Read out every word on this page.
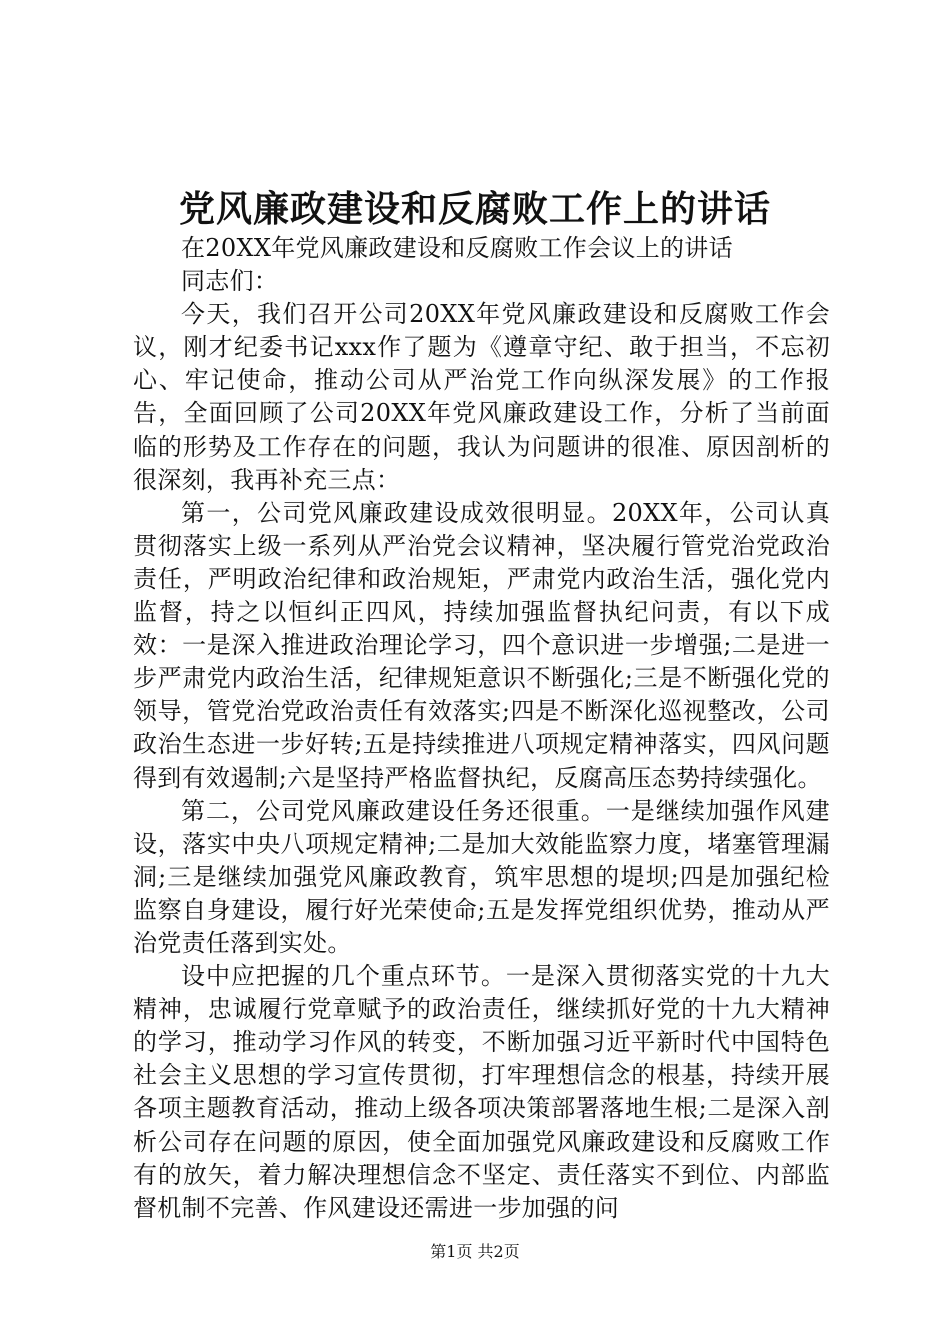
党风廉政建设和反腐败工作上的讲话

在20XX年党风廉政建设和反腐败工作会议上的讲话

同志们：

今天，我们召开公司20XX年党风廉政建设和反腐败工作会议，刚才纪委书记xxx作了题为《遵章守纪、敢于担当，不忘初心、牢记使命，推动公司从严治党工作向纵深发展》的工作报告，全面回顾了公司20XX年党风廉政建设工作，分析了当前面临的形势及工作存在的问题，我认为问题讲的很准、原因剖析的很深刻，我再补充三点：

第一，公司党风廉政建设成效很明显。20XX年，公司认真贯彻落实上级一系列从严治党会议精神，坚决履行管党治党政治责任，严明政治纪律和政治规矩，严肃党内政治生活，强化党内监督，持之以恒纠正四风，持续加强监督执纪问责，有以下成效：一是深入推进政治理论学习，四个意识进一步增强;二是进一步严肃党内政治生活，纪律规矩意识不断强化;三是不断强化党的领导，管党治党政治责任有效落实;四是不断深化巡视整改，公司政治生态进一步好转;五是持续推进八项规定精神落实，四风问题得到有效遏制;六是坚持严格监督执纪，反腐高压态势持续强化。

第二，公司党风廉政建设任务还很重。一是继续加强作风建设，落实中央八项规定精神;二是加大效能监察力度，堵塞管理漏洞;三是继续加强党风廉政教育，筑牢思想的堤坝;四是加强纪检监察自身建设，履行好光荣使命;五是发挥党组织优势，推动从严治党责任落到实处。

设中应把握的几个重点环节。一是深入贯彻落实党的十九大精神，忠诚履行党章赋予的政治责任，继续抓好党的十九大精神的学习，推动学习作风的转变，不断加强习近平新时代中国特色社会主义思想的学习宣传贯彻，打牢理想信念的根基，持续开展各项主题教育活动，推动上级各项决策部署落地生根;二是深入剖析公司存在问题的原因，使全面加强党风廉政建设和反腐败工作有的放矢，着力解决理想信念不坚定、责任落实不到位、内部监督机制不完善、作风建设还需进一步加强的问

第1页 共2页
